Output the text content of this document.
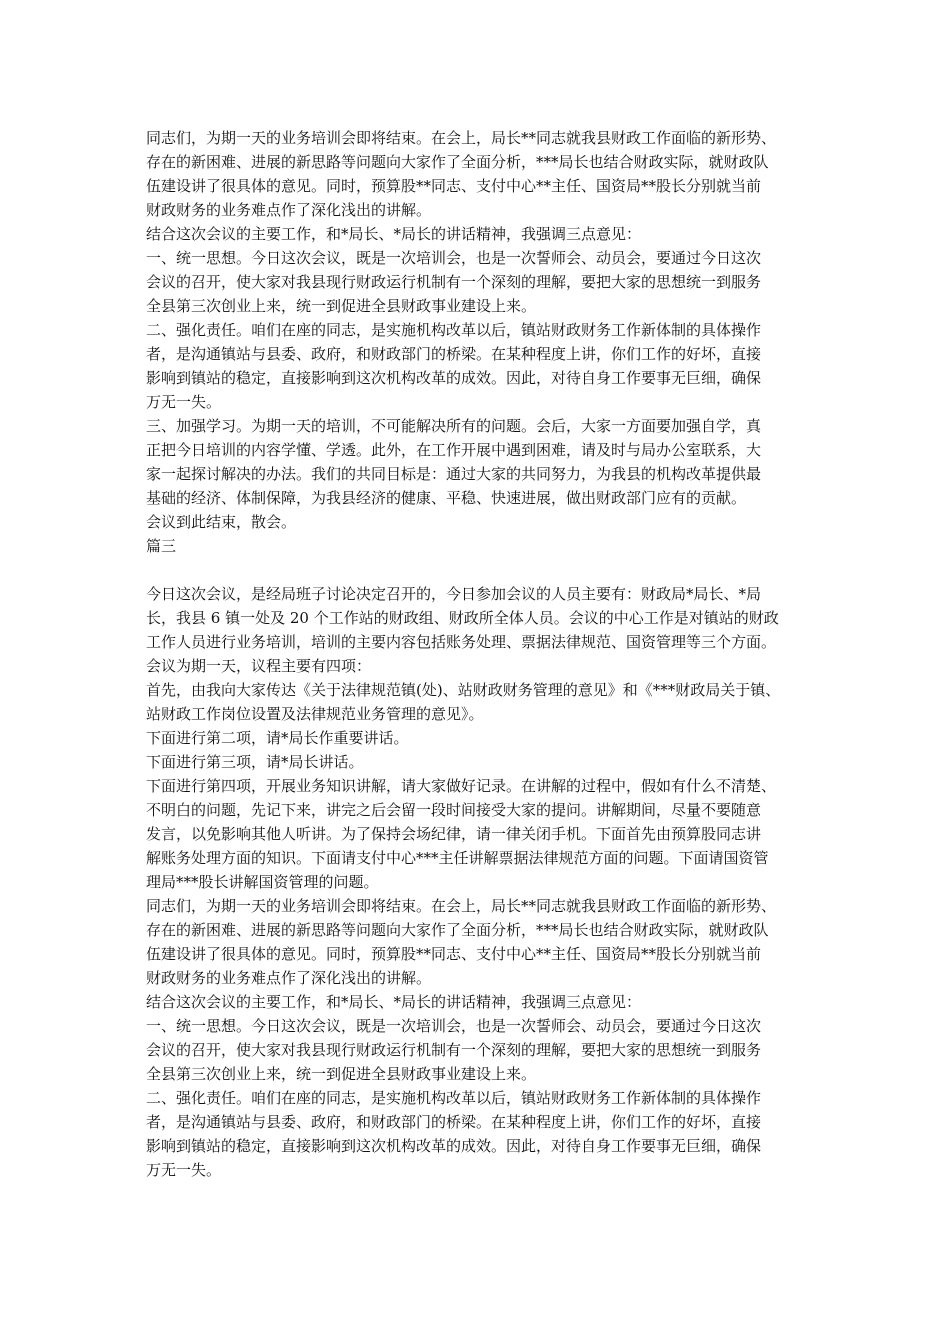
同志们，为期一天的业务培训会即将结束。在会上，局长**同志就我县财政工作面临的新形势、
存在的新困难、进展的新思路等问题向大家作了全面分析，***局长也结合财政实际，就财政队
伍建设讲了很具体的意见。同时，预算股**同志、支付中心**主任、国资局**股长分别就当前
财政财务的业务难点作了深化浅出的讲解。

结合这次会议的主要工作，和*局长、*局长的讲话精神，我强调三点意见：

一、统一思想。今日这次会议，既是一次培训会，也是一次誓师会、动员会，要通过今日这次
会议的召开，使大家对我县现行财政运行机制有一个深刻的理解，要把大家的思想统一到服务
全县第三次创业上来，统一到促进全县财政事业建设上来。

二、强化责任。咱们在座的同志，是实施机构改革以后，镇站财政财务工作新体制的具体操作
者，是沟通镇站与县委、政府，和财政部门的桥梁。在某种程度上讲，你们工作的好坏，直接
影响到镇站的稳定，直接影响到这次机构改革的成效。因此，对待自身工作要事无巨细，确保
万无一失。

三、加强学习。为期一天的培训，不可能解决所有的问题。会后，大家一方面要加强自学，真
正把今日培训的内容学懂、学透。此外，在工作开展中遇到困难，请及时与局办公室联系，大
家一起探讨解决的办法。我们的共同目标是：通过大家的共同努力，为我县的机构改革提供最
基础的经济、体制保障，为我县经济的健康、平稳、快速进展，做出财政部门应有的贡献。

会议到此结束，散会。

篇三

今日这次会议，是经局班子讨论决定召开的，今日参加会议的人员主要有：财政局*局长、*局
长，我县 6 镇一处及 20 个工作站的财政组、财政所全体人员。会议的中心工作是对镇站的财政
工作人员进行业务培训，培训的主要内容包括账务处理、票据法律规范、国资管理等三个方面。

会议为期一天，议程主要有四项：

首先，由我向大家传达《关于法律规范镇(处)、站财政财务管理的意见》和《***财政局关于镇、
站财政工作岗位设置及法律规范业务管理的意见》。

下面进行第二项，请*局长作重要讲话。

下面进行第三项，请*局长讲话。

下面进行第四项，开展业务知识讲解，请大家做好记录。在讲解的过程中，假如有什么不清楚、
不明白的问题，先记下来，讲完之后会留一段时间接受大家的提问。讲解期间，尽量不要随意
发言，以免影响其他人听讲。为了保持会场纪律，请一律关闭手机。下面首先由预算股同志讲
解账务处理方面的知识。下面请支付中心***主任讲解票据法律规范方面的问题。下面请国资管
理局***股长讲解国资管理的问题。

同志们，为期一天的业务培训会即将结束。在会上，局长**同志就我县财政工作面临的新形势、
存在的新困难、进展的新思路等问题向大家作了全面分析，***局长也结合财政实际，就财政队
伍建设讲了很具体的意见。同时，预算股**同志、支付中心**主任、国资局**股长分别就当前
财政财务的业务难点作了深化浅出的讲解。

结合这次会议的主要工作，和*局长、*局长的讲话精神，我强调三点意见：

一、统一思想。今日这次会议，既是一次培训会，也是一次誓师会、动员会，要通过今日这次
会议的召开，使大家对我县现行财政运行机制有一个深刻的理解，要把大家的思想统一到服务
全县第三次创业上来，统一到促进全县财政事业建设上来。

二、强化责任。咱们在座的同志，是实施机构改革以后，镇站财政财务工作新体制的具体操作
者，是沟通镇站与县委、政府，和财政部门的桥梁。在某种程度上讲，你们工作的好坏，直接
影响到镇站的稳定，直接影响到这次机构改革的成效。因此，对待自身工作要事无巨细，确保
万无一失。
